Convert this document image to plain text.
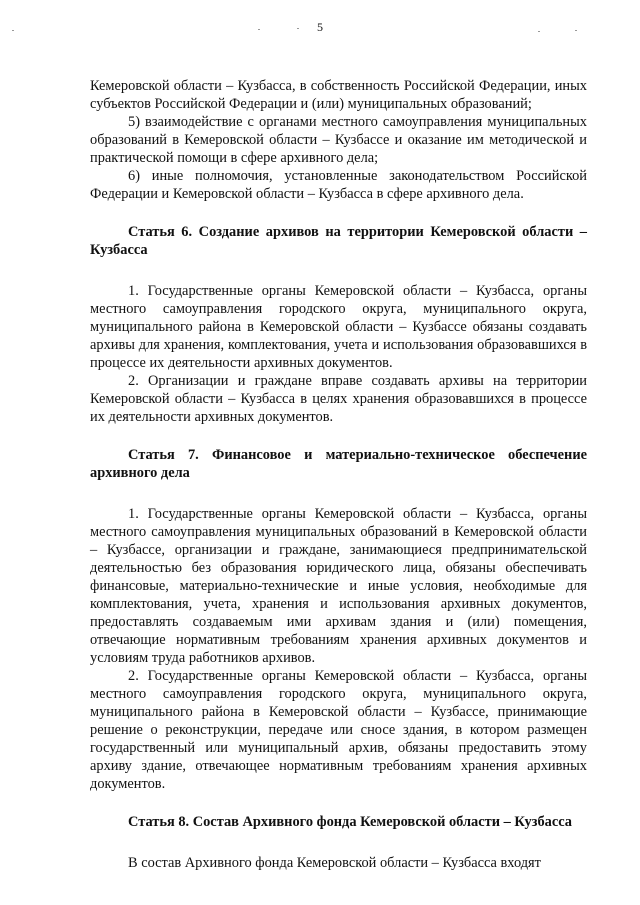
5

Кемеровской области – Кузбасса, в собственность Российской Федерации, иных субъектов Российской Федерации и (или) муниципальных образований;

5) взаимодействие с органами местного самоуправления муниципальных образований в Кемеровской области – Кузбассе и оказание им методической и практической помощи в сфере архивного дела;

6) иные полномочия, установленные законодательством Российской Федерации и Кемеровской области – Кузбасса в сфере архивного дела.

Статья 6. Создание архивов на территории Кемеровской области – Кузбасса

1. Государственные органы Кемеровской области – Кузбасса, органы местного самоуправления городского округа, муниципального округа, муниципального района в Кемеровской области – Кузбассе обязаны создавать архивы для хранения, комплектования, учета и использования образовавшихся в процессе их деятельности архивных документов.

2. Организации и граждане вправе создавать архивы на территории Кемеровской области – Кузбасса в целях хранения образовавшихся в процессе их деятельности архивных документов.

Статья 7. Финансовое и материально-техническое обеспечение архивного дела

1. Государственные органы Кемеровской области – Кузбасса, органы местного самоуправления муниципальных образований в Кемеровской области – Кузбассе, организации и граждане, занимающиеся предпринимательской деятельностью без образования юридического лица, обязаны обеспечивать финансовые, материально-технические и иные условия, необходимые для комплектования, учета, хранения и использования архивных документов, предоставлять создаваемым ими архивам здания и (или) помещения, отвечающие нормативным требованиям хранения архивных документов и условиям труда работников архивов.

2. Государственные органы Кемеровской области – Кузбасса, органы местного самоуправления городского округа, муниципального округа, муниципального района в Кемеровской области – Кузбассе, принимающие решение о реконструкции, передаче или сносе здания, в котором размещен государственный или муниципальный архив, обязаны предоставить этому архиву здание, отвечающее нормативным требованиям хранения архивных документов.

Статья 8. Состав Архивного фонда Кемеровской области – Кузбасса

В состав Архивного фонда Кемеровской области – Кузбасса входят
